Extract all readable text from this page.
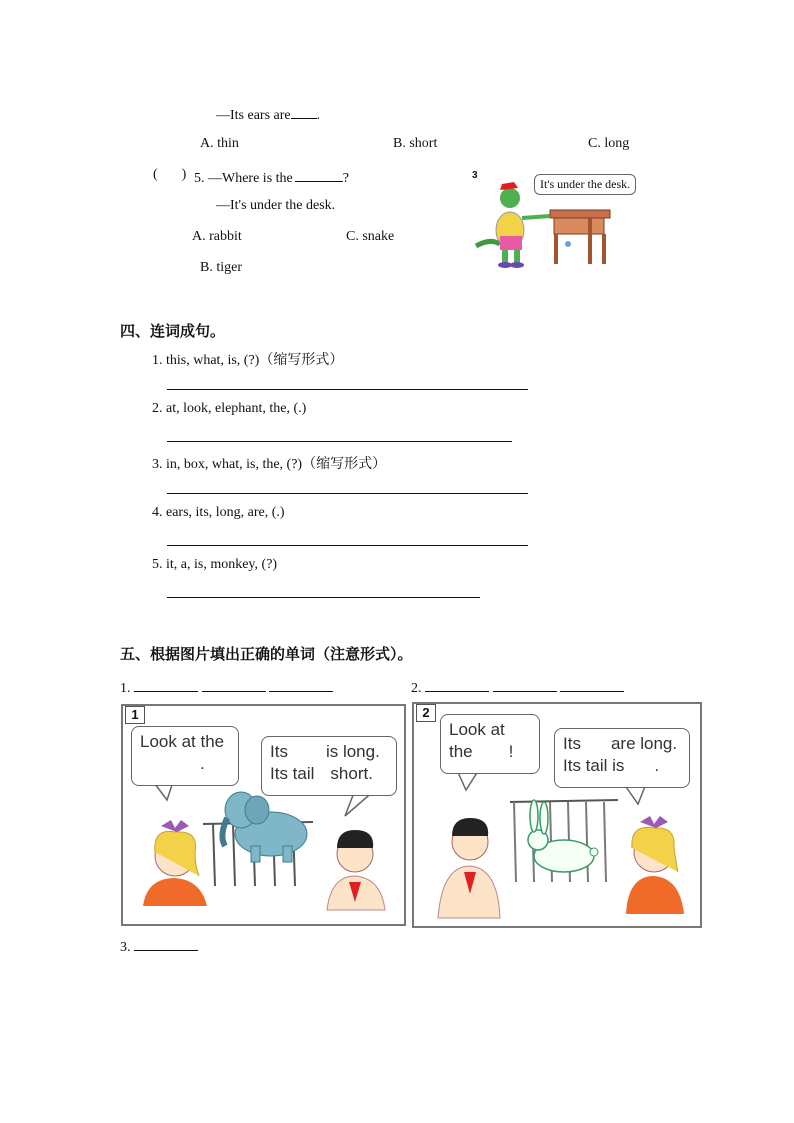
—Its ears are .
A. thin	B. short	C. long
( ) 5. —Where is the	?
—It's under the desk.
A. rabbit	C. snake
B. tiger
3
It's under the desk.
四、连词成句。
1. this, what, is, (?)（缩写形式）
2. at, look, elephant, the, (.)
3. in, box, what, is, the, (?)（缩写形式）
4. ears, its, long, are, (.)
5. it, a, is, monkey, (?)
五、根据图片填出正确的单词（注意形式）。
1.	2.
1
Look at the
.
Its is long.
Its tail short.
2
Look at
the !	Its are long.
Its tail is .
3.
